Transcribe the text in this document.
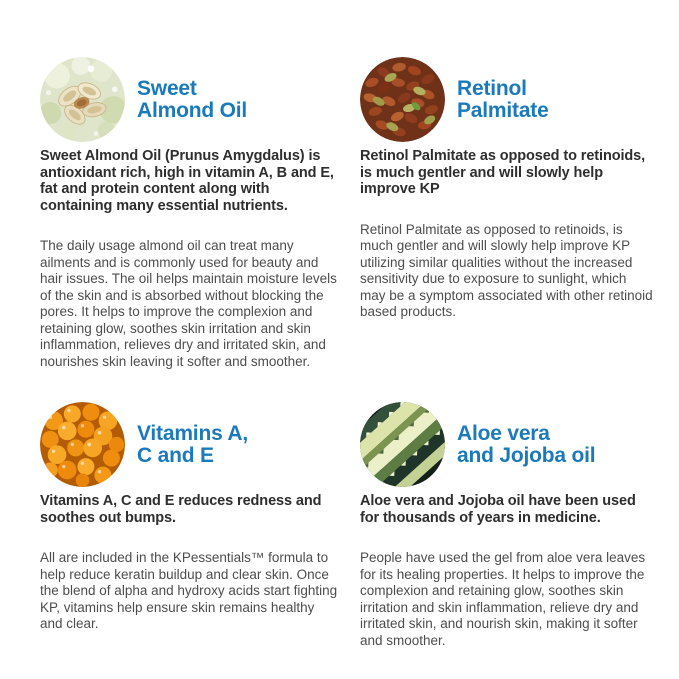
Sweet
Almond Oil

Sweet Almond Oil (Prunus Amygdalus) is antioxidant rich, high in vitamin A, B and E, fat and protein content along with containing many essential nutrients.

The daily usage almond oil can treat many ailments and is commonly used for beauty and hair issues. The oil helps maintain moisture levels of the skin and is absorbed without blocking the pores. It helps to improve the complexion and retaining glow, soothes skin irritation and skin inflammation, relieves dry and irritated skin, and nourishes skin leaving it softer and smoother.

Retinol
Palmitate

Retinol Palmitate as opposed to retinoids, is much gentler and will slowly help improve KP

Retinol Palmitate as opposed to retinoids, is much gentler and will slowly help improve KP utilizing similar qualities without the increased sensitivity due to exposure to sunlight, which may be a symptom associated with other retinoid based products.

Vitamins A,
C and E

Vitamins A, C and E reduces redness and soothes out bumps.

All are included in the KPessentials™ formula to help reduce keratin buildup and clear skin. Once the blend of alpha and hydroxy acids start fighting KP, vitamins help ensure skin remains healthy and clear.

Aloe vera
and Jojoba oil

Aloe vera and Jojoba oil have been used for thousands of years in medicine.

People have used the gel from aloe vera leaves for its healing properties. It helps to improve the complexion and retaining glow, soothes skin irritation and skin inflammation, relieve dry and irritated skin, and nourish skin, making it softer and smoother.
